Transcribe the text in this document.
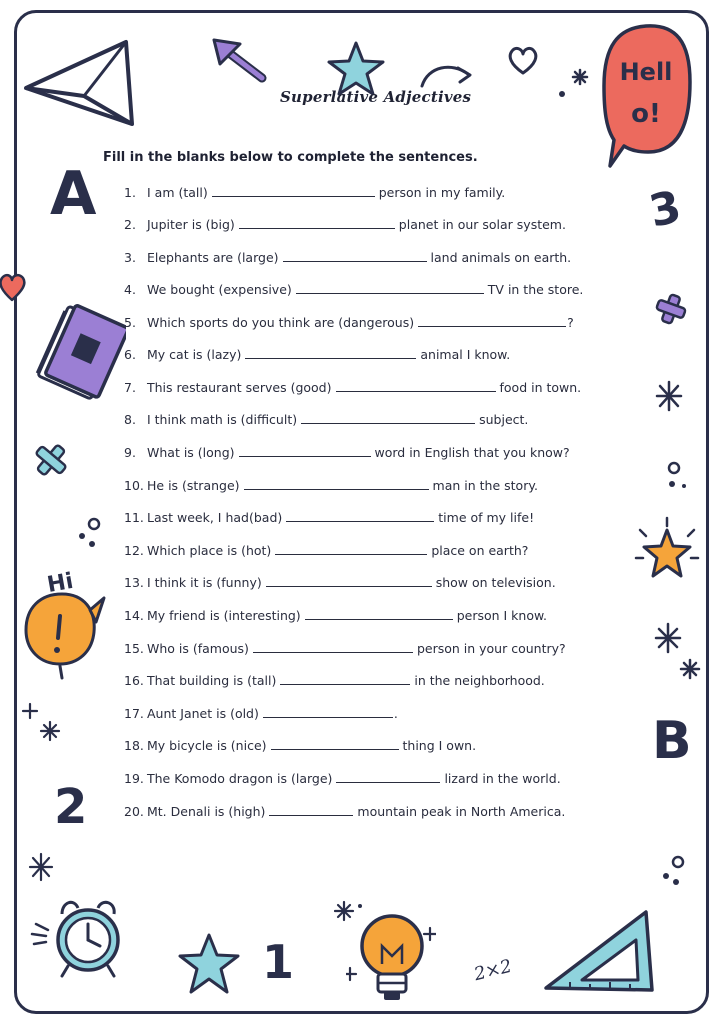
Hell
o!
A	3
Hi
B
2
1	2×2
Superlative Adjectives
Fill in the blanks below to complete the sentences.
1. I am (tall)	person in my family.
2. Jupiter is (big)	planet in our solar system.
3. Elephants are (large)	land animals on earth.
4. We bought (expensive)	TV in the store.
5. Which sports do you think are (dangerous)	?
6. My cat is (lazy)	animal I know.
7. This restaurant serves (good)	food in town.
8. I think math is (difficult)	subject.
9. What is (long)	word in English that you know?
10. He is (strange)	man in the story.
11. Last week, I had(bad)	time of my life!
12. Which place is (hot)	place on earth?
13. I think it is (funny)	show on television.
14. My friend is (interesting)	person I know.
15. Who is (famous)	person in your country?
16. That building is (tall)	in the neighborhood.
17. Aunt Janet is (old)	.
18. My bicycle is (nice)	thing I own.
19. The Komodo dragon is (large)	lizard in the world.
20. Mt. Denali is (high)	mountain peak in North America.
